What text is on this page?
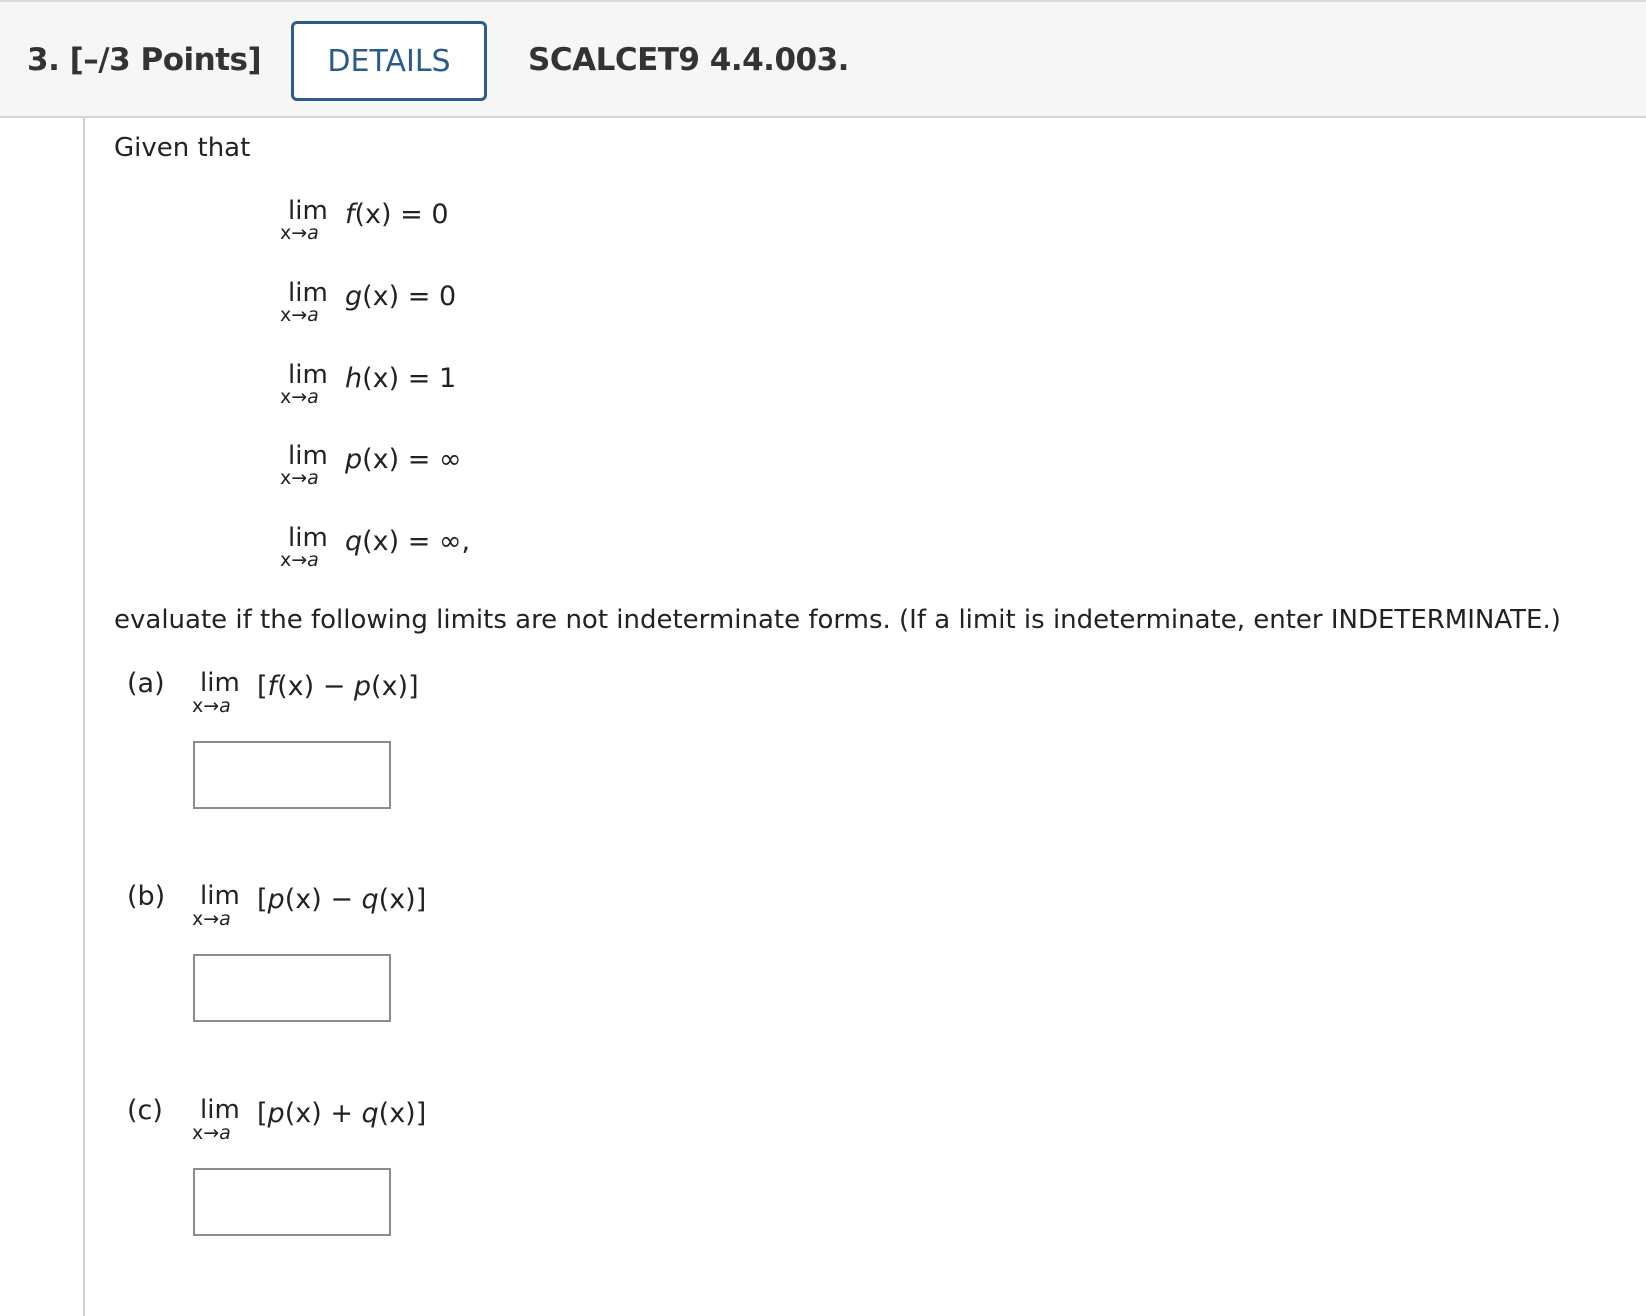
3. [–/3 Points]	DETAILS	SCALCET9 4.4.003.
Given that
lim
x→a
f(x) = 0
lim
x→a
g(x) = 0
lim
x→a
h(x) = 1
lim
x→a
p(x) = ∞
lim
x→a
q(x) = ∞,
evaluate if the following limits are not indeterminate forms. (If a limit is indeterminate, enter INDETERMINATE.)
(a) lim
x→a
[f(x) − p(x)]
(b) lim
x→a
[p(x) − q(x)]
(c) lim
x→a
[p(x) + q(x)]
